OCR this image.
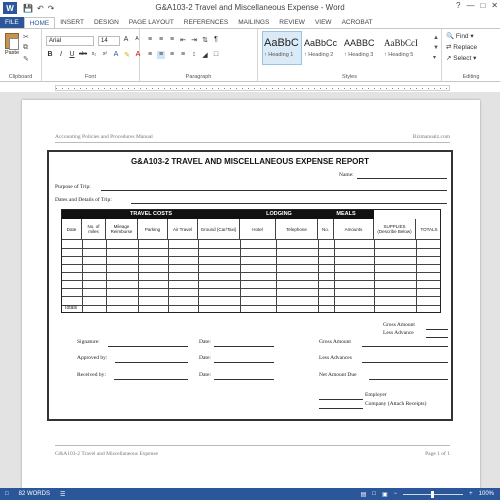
W	💾 ↶ ↷	G&A103-2 Travel and Miscellaneous Expense - Word	? — □ ✕
FILE	HOME	INSERT	DESIGN	PAGE LAYOUT	REFERENCES	MAILINGS	REVIEW	VIEW	ACROBAT
Paste
✂
⧉
✎
Clipboard
Arial	14	A	A
B	I	U abc x₂	x² A ✎ A
Font
≡ ≡ ≡ ⇤ ⇥ ⇅ ¶
≡ ≡ ≡ ≡	↕ ◢ □
Paragraph
AaBbC
↑ Heading 1
AaBbCc
↑ Heading 2
AABBC
↑ Heading 3
AaBbCcI
↑ Heading 5
▲
▼
▾
Styles
🔍 Find ▾
⇄ Replace
↗ Select ▾
Editing
Accounting Policies and Procedures Manual	Bizmanualz.com
G&A103-2 TRAVEL AND MISCELLANEOUS EXPENSE REPORT
Name:
Purpose of Trip:
Dates and Details of Trip:
TRAVEL COSTS	LODGING	MEALS
Date	No. of miles
Mileage Reimburse	Parking	Air Travel	Ground (Car/Taxi)	Hotel	Telephone	No.	Amounts	SUPPLIES (Describe Below)	TOTALS
Totals
Gross Amount
Less Advance
Signature:	Date:
Approved by:	Date:
Received by:	Date:
Gross Amount
Less Advances
Net Amount Due
Employer
Company (Attach Receipts)
G&A103-2 Travel and Miscellaneous Expense	Page 1 of 1
□	82 WORDS	☰	▤ □ ▣ −	+ 100%
